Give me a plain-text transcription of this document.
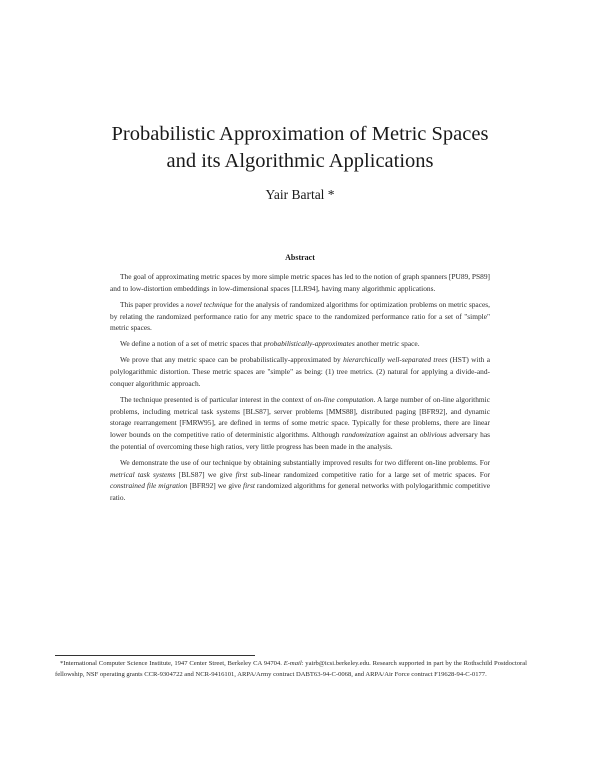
Probabilistic Approximation of Metric Spaces
and its Algorithmic Applications
Yair Bartal *
Abstract

The goal of approximating metric spaces by more simple metric spaces has led to the notion of graph spanners [PU89, PS89] and to low-distortion embeddings in low-dimensional spaces [LLR94], having many algorithmic applications.

This paper provides a novel technique for the analysis of randomized algorithms for optimization problems on metric spaces, by relating the randomized performance ratio for any metric space to the randomized performance ratio for a set of "simple" metric spaces.

We define a notion of a set of metric spaces that probabilistically-approximates another metric space.

We prove that any metric space can be probabilistically-approximated by hierarchically well-separated trees (HST) with a polylogarithmic distortion. These metric spaces are "simple" as being: (1) tree metrics. (2) natural for applying a divide-and-conquer algorithmic approach.

The technique presented is of particular interest in the context of on-line computation. A large number of on-line algorithmic problems, including metrical task systems [BLS87], server problems [MMS88], distributed paging [BFR92], and dynamic storage rearrangement [FMRW95], are defined in terms of some metric space. Typically for these problems, there are linear lower bounds on the competitive ratio of deterministic algorithms. Although randomization against an oblivious adversary has the potential of overcoming these high ratios, very little progress has been made in the analysis.

We demonstrate the use of our technique by obtaining substantially improved results for two different on-line problems. For metrical task systems [BLS87] we give first sub-linear randomized competitive ratio for a large set of metric spaces. For constrained file migration [BFR92] we give first randomized algorithms for general networks with polylogarithmic competitive ratio.

*International Computer Science Institute, 1947 Center Street, Berkeley CA 94704. E-mail: yairb@icsi.berkeley.edu. Research supported in part by the Rothschild Postdoctoral fellowship, NSF operating grants CCR-9304722 and NCR-9416101, ARPA/Army contract DABT63-94-C-0068, and ARPA/Air Force contract F19628-94-C-0177.
